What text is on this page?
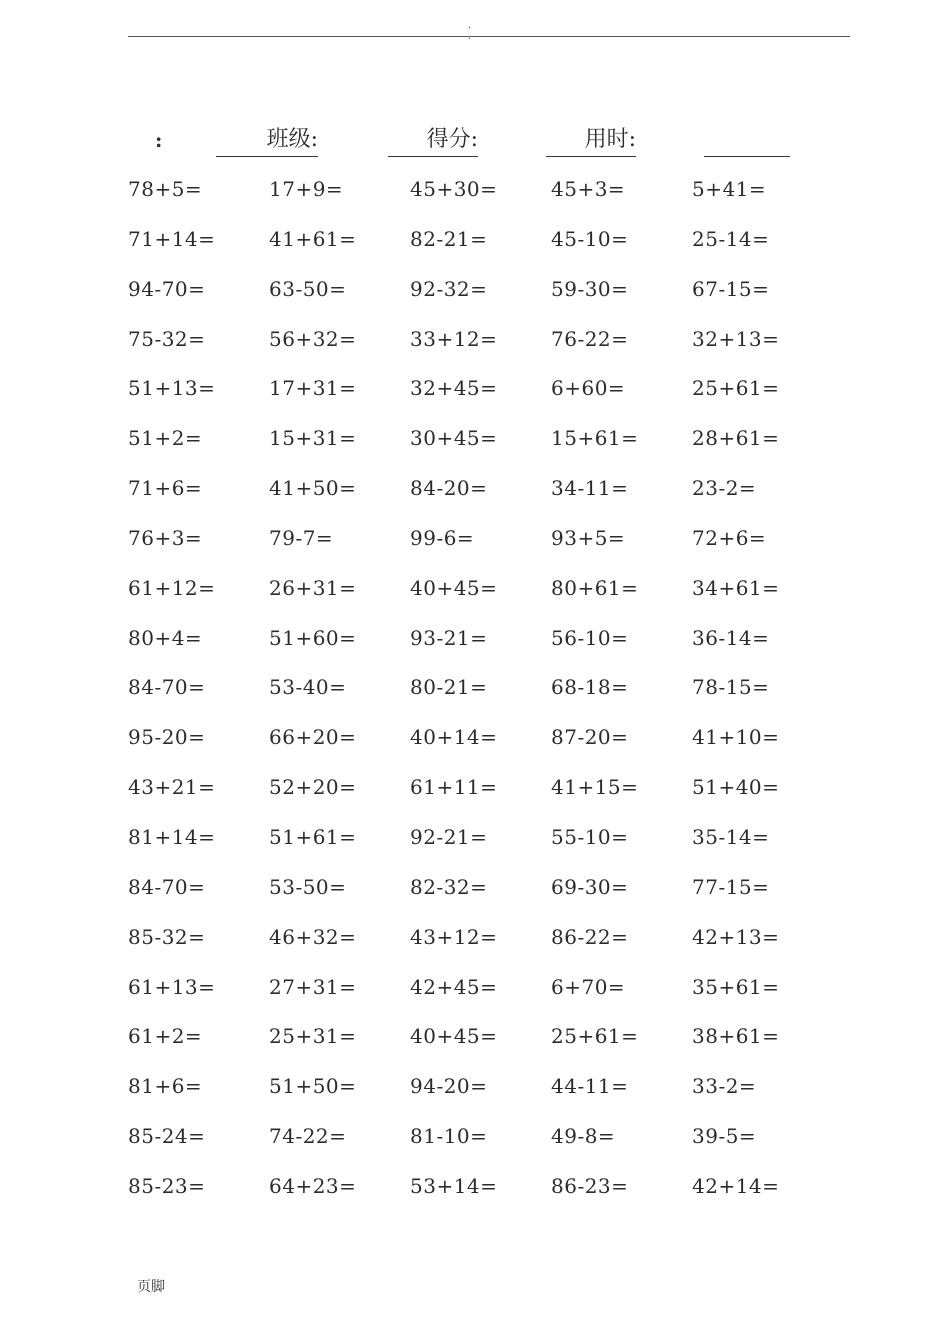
. .
:	班级:	得分:	用时:
78+5=	17+9=	45+30=	45+3=	5+41=
71+14=	41+61=	82-21=	45-10=	25-14=
94-70=	63-50=	92-32=	59-30=	67-15=
75-32=	56+32=	33+12=	76-22=	32+13=
51+13=	17+31=	32+45=	6+60=	25+61=
51+2=	15+31=	30+45=	15+61=	28+61=
71+6=	41+50=	84-20=	34-11=	23-2=
76+3=	79-7=	99-6=	93+5=	72+6=
61+12=	26+31=	40+45=	80+61=	34+61=
80+4=	51+60=	93-21=	56-10=	36-14=
84-70=	53-40=	80-21=	68-18=	78-15=
95-20=	66+20=	40+14=	87-20=	41+10=
43+21=	52+20=	61+11=	41+15=	51+40=
81+14=	51+61=	92-21=	55-10=	35-14=
84-70=	53-50=	82-32=	69-30=	77-15=
85-32=	46+32=	43+12=	86-22=	42+13=
61+13=	27+31=	42+45=	6+70=	35+61=
61+2=	25+31=	40+45=	25+61=	38+61=
81+6=	51+50=	94-20=	44-11=	33-2=
85-24=	74-22=	81-10=	49-8=	39-5=
85-23=	64+23=	53+14=	86-23=	42+14=
页脚
